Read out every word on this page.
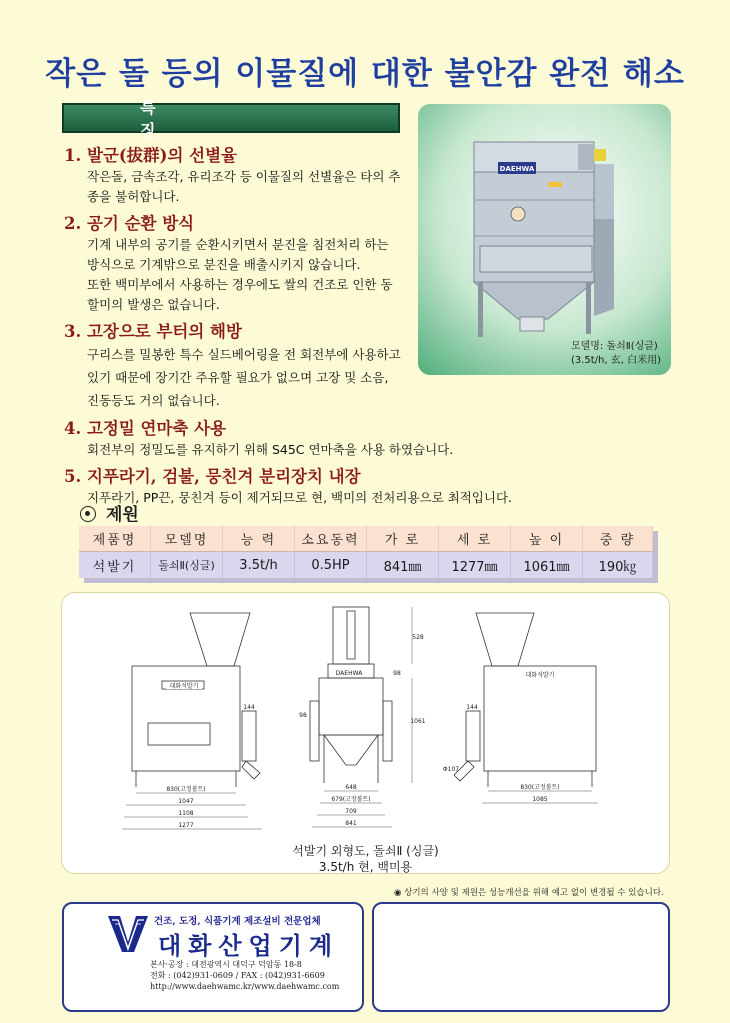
작은 돌 등의 이물질에 대한 불안감 완전 해소
특 징
1. 발군(拔群)의 선별율
작은돌, 금속조각, 유리조각 등 이물질의 선별율은 타의 추
종을 불허합니다.
2. 공기 순환 방식
기계 내부의 공기를 순환시키면서 분진을 침전처리 하는
방식으로 기계밖으로 분진을 배출시키지 않습니다.
또한 백미부에서 사용하는 경우에도 쌀의 건조로 인한 동
할미의 발생은 없습니다.
3. 고장으로 부터의 해방
구리스를 밀봉한 특수 실드베어링을 전 회전부에 사용하고
있기 때문에 장기간 주유할 필요가 없으며 고장 및 소음,
진동등도 거의 없습니다.
4. 고정밀 연마축 사용
회전부의 정밀도를 유지하기 위해 S45C 연마축을 사용 하였습니다.
5. 지푸라기, 검불, 뭉친겨 분리장치 내장
지푸라기, PP끈, 뭉친겨 등이 제거되므로 현, 백미의 전처리용으로 최적입니다.
DAEHWA
모델명: 돌쇠Ⅱ(싱글)
(3.5t/h, 玄, 白米用)
제원
제품명	모델명	능 력	소요동력	가 로	세 로	높 이	중 량
석발기	돌쇠Ⅱ(싱글)	3.5t/h	0.5HP	841㎜	1277㎜	1061㎜	190㎏
대화석발기
DAEHWA	대화석발기
830(고정볼트)
1047
1108
1277
144
528
98
98
1061
648
679(고정볼트)
709
841
830(고정볼트)
1085
144
Φ107
석발기 외형도, 돌쇠Ⅱ (싱글)
3.5t/h 현, 백미용
◉ 상기의 사양 및 제원은 성능개선을 위해 예고 없이 변경될 수 있습니다.
건조, 도정, 식품기계 제조설비 전문업체
대화산업기계
본사·공장 : 대전광역시 대덕구 덕암동 18-8
전화 : (042)931-0609 / FAX : (042)931-6609
http://www.daehwamc.kr/www.daehwamc.com
